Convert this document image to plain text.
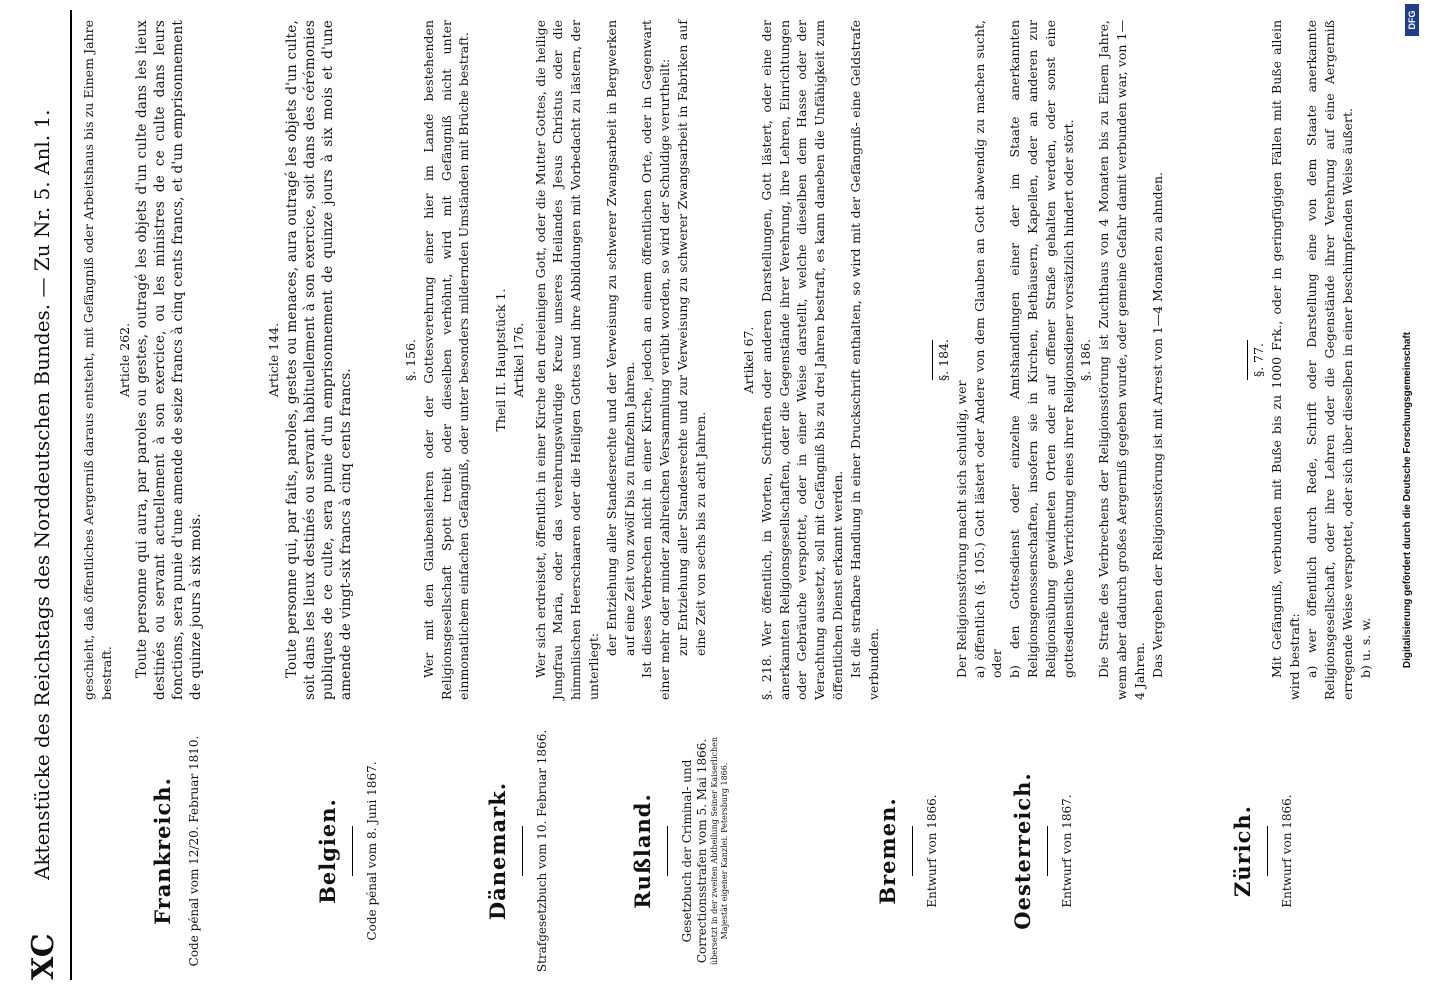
XC
Aktenstücke des Reichstags des Norddeutschen Bundes. — Zu Nr. 5. Anl. 1.	Frankreich. Code pénal vom 12/20. Februar 1810.	Belgien. Code pénal vom 8. Juni 1867.	Dänemark. Strafgesetzbuch vom 10. Februar 1866.	Rußland. Gesetzbuch der Criminal- und Correctionsstrafen vom 5. Mai 1866. übersetzt in der zweiten Abtheilung Seiner Kaiserlichen Majestät eigener Kanzlei. Petersburg 1866.	Bremen. Entwurf von 1866.	Oesterreich. Entwurf von 1867.	Zürich. Entwurf von 1866.

geschieht, daß öffentliches Aergerniß daraus entsteht, mit Gefängniß oder Arbeitshaus bis zu Einem Jahre bestraft.

Article 262. Toute personne qui aura, par paroles ou gestes, outragé les objets d'un culte dans les lieux destinés ou servant actuellement à son exercice, ou les ministres de ce culte dans leurs fonctions, sera punie d'une amende de seize francs à cinq cents francs, et d'un emprisonnement de quinze jours à six mois.

Article 144. Toute personne qui, par faits, paroles, gestes ou menaces, aura outragé les objets d'un culte, soit dans les lieux destinés ou servant habituellement à son exercice, soit dans des cérémonies publiques de ce culte, sera punie d'un emprisonnement de quinze jours à six mois et d'une amende de vingt-six francs à cinq cents francs.

§. 156. Wer mit den Glaubenslehren oder der Gottesverehrung einer hier im Lande bestehenden Religionsgesellschaft Spott treibt oder dieselben verhöhnt, wird mit Gefängniß nicht unter einmonatlichem einfachen Gefängniß, oder unter besonders mildernden Umständen mit Brüche bestraft. Theil II. Hauptstück 1. Artikel 176. Wer sich erdreistet, öffentlich in einer Kirche den dreieinigen Gott, oder die Mutter Gottes, die heilige Jungfrau Maria, oder das verehrungswürdige Kreuz unseres Heilandes Jesus Christus oder die himmlischen Heerschaaren oder die Heiligen Gottes und ihre Abbildungen mit Vorbedacht zu lästern, der unterliegt:

der Entziehung aller Standesrechte und der Verweisung zu schwerer Zwangsarbeit in Bergwerken auf eine Zeit von zwölf bis zu fünfzehn Jahren. Ist dieses Verbrechen nicht in einer Kirche, jedoch an einem öffentlichen Orte, oder in Gegenwart einer mehr oder minder zahlreichen Versammlung verübt worden, so wird der Schuldige verurtheilt: zur Entziehung aller Standesrechte und zur Verweisung zu schwerer Zwangsarbeit in Fabriken auf eine Zeit von sechs bis zu acht Jahren.

Artikel 67. §. 218. Wer öffentlich, in Worten, Schriften oder anderen Darstellungen, Gott lästert, oder eine der anerkannten Religionsgesellschaften, oder die Gegenstände ihrer Verehrung, ihre Lehren, Einrichtungen oder Gebräuche verspottet, oder in einer Weise darstellt, welche dieselben dem Hasse oder der Verachtung aussetzt, soll mit Gefängniß bis zu drei Jahren bestraft, es kann daneben die Unfähigkeit zum öffentlichen Dienst erkannt werden. Ist die strafbare Handlung in einer Druckschrift enthalten, so wird mit der Gefängniß- eine Geldstrafe verbunden.

§. 184.

Der Religionsstörung macht sich schuldig, wer a) öffentlich (§. 105.) Gott lästert oder Andere von dem Glauben an Gott abwendig zu machen sucht, oder b) den Gottesdienst oder einzelne Amtshandlungen einer der im Staate anerkannten Religionsgenossenschaften, insofern sie in Kirchen, Bethäusern, Kapellen, oder an anderen zur Religionsübung gewidmeten Orten oder auf offener Straße gehalten werden, oder sonst eine gottesdienstliche Verrichtung eines ihrer Religionsdiener vorsätzlich hindert oder stört. §. 186. Die Strafe des Verbrechens der Religionsstörung ist Zuchthaus von 4 Monaten bis zu Einem Jahre, wenn aber dadurch großes Aergerniß gegeben wurde, oder gemeine Gefahr damit verbunden war, von 1—4 Jahren. Das Vergehen der Religionsstörung ist mit Arrest von 1—4 Monaten zu ahnden.	§. 77. Mit Gefängniß, verbunden mit Buße bis zu 1000 Frk., oder in geringfügigen Fällen mit Buße allein wird bestraft: a) wer öffentlich durch Rede, Schrift oder Darstellung eine von dem Staate anerkannte Religionsgesellschaft, oder ihre Lehren oder die Gegenstände ihrer Verehrung auf eine Aergerniß erregende Weise verspottet, oder sich über dieselben in einer beschimpfenden Weise äußert. b) u. s. w.	Digitalisierung gefördert durch die Deutsche Forschungsgemeinschaft
DFG
